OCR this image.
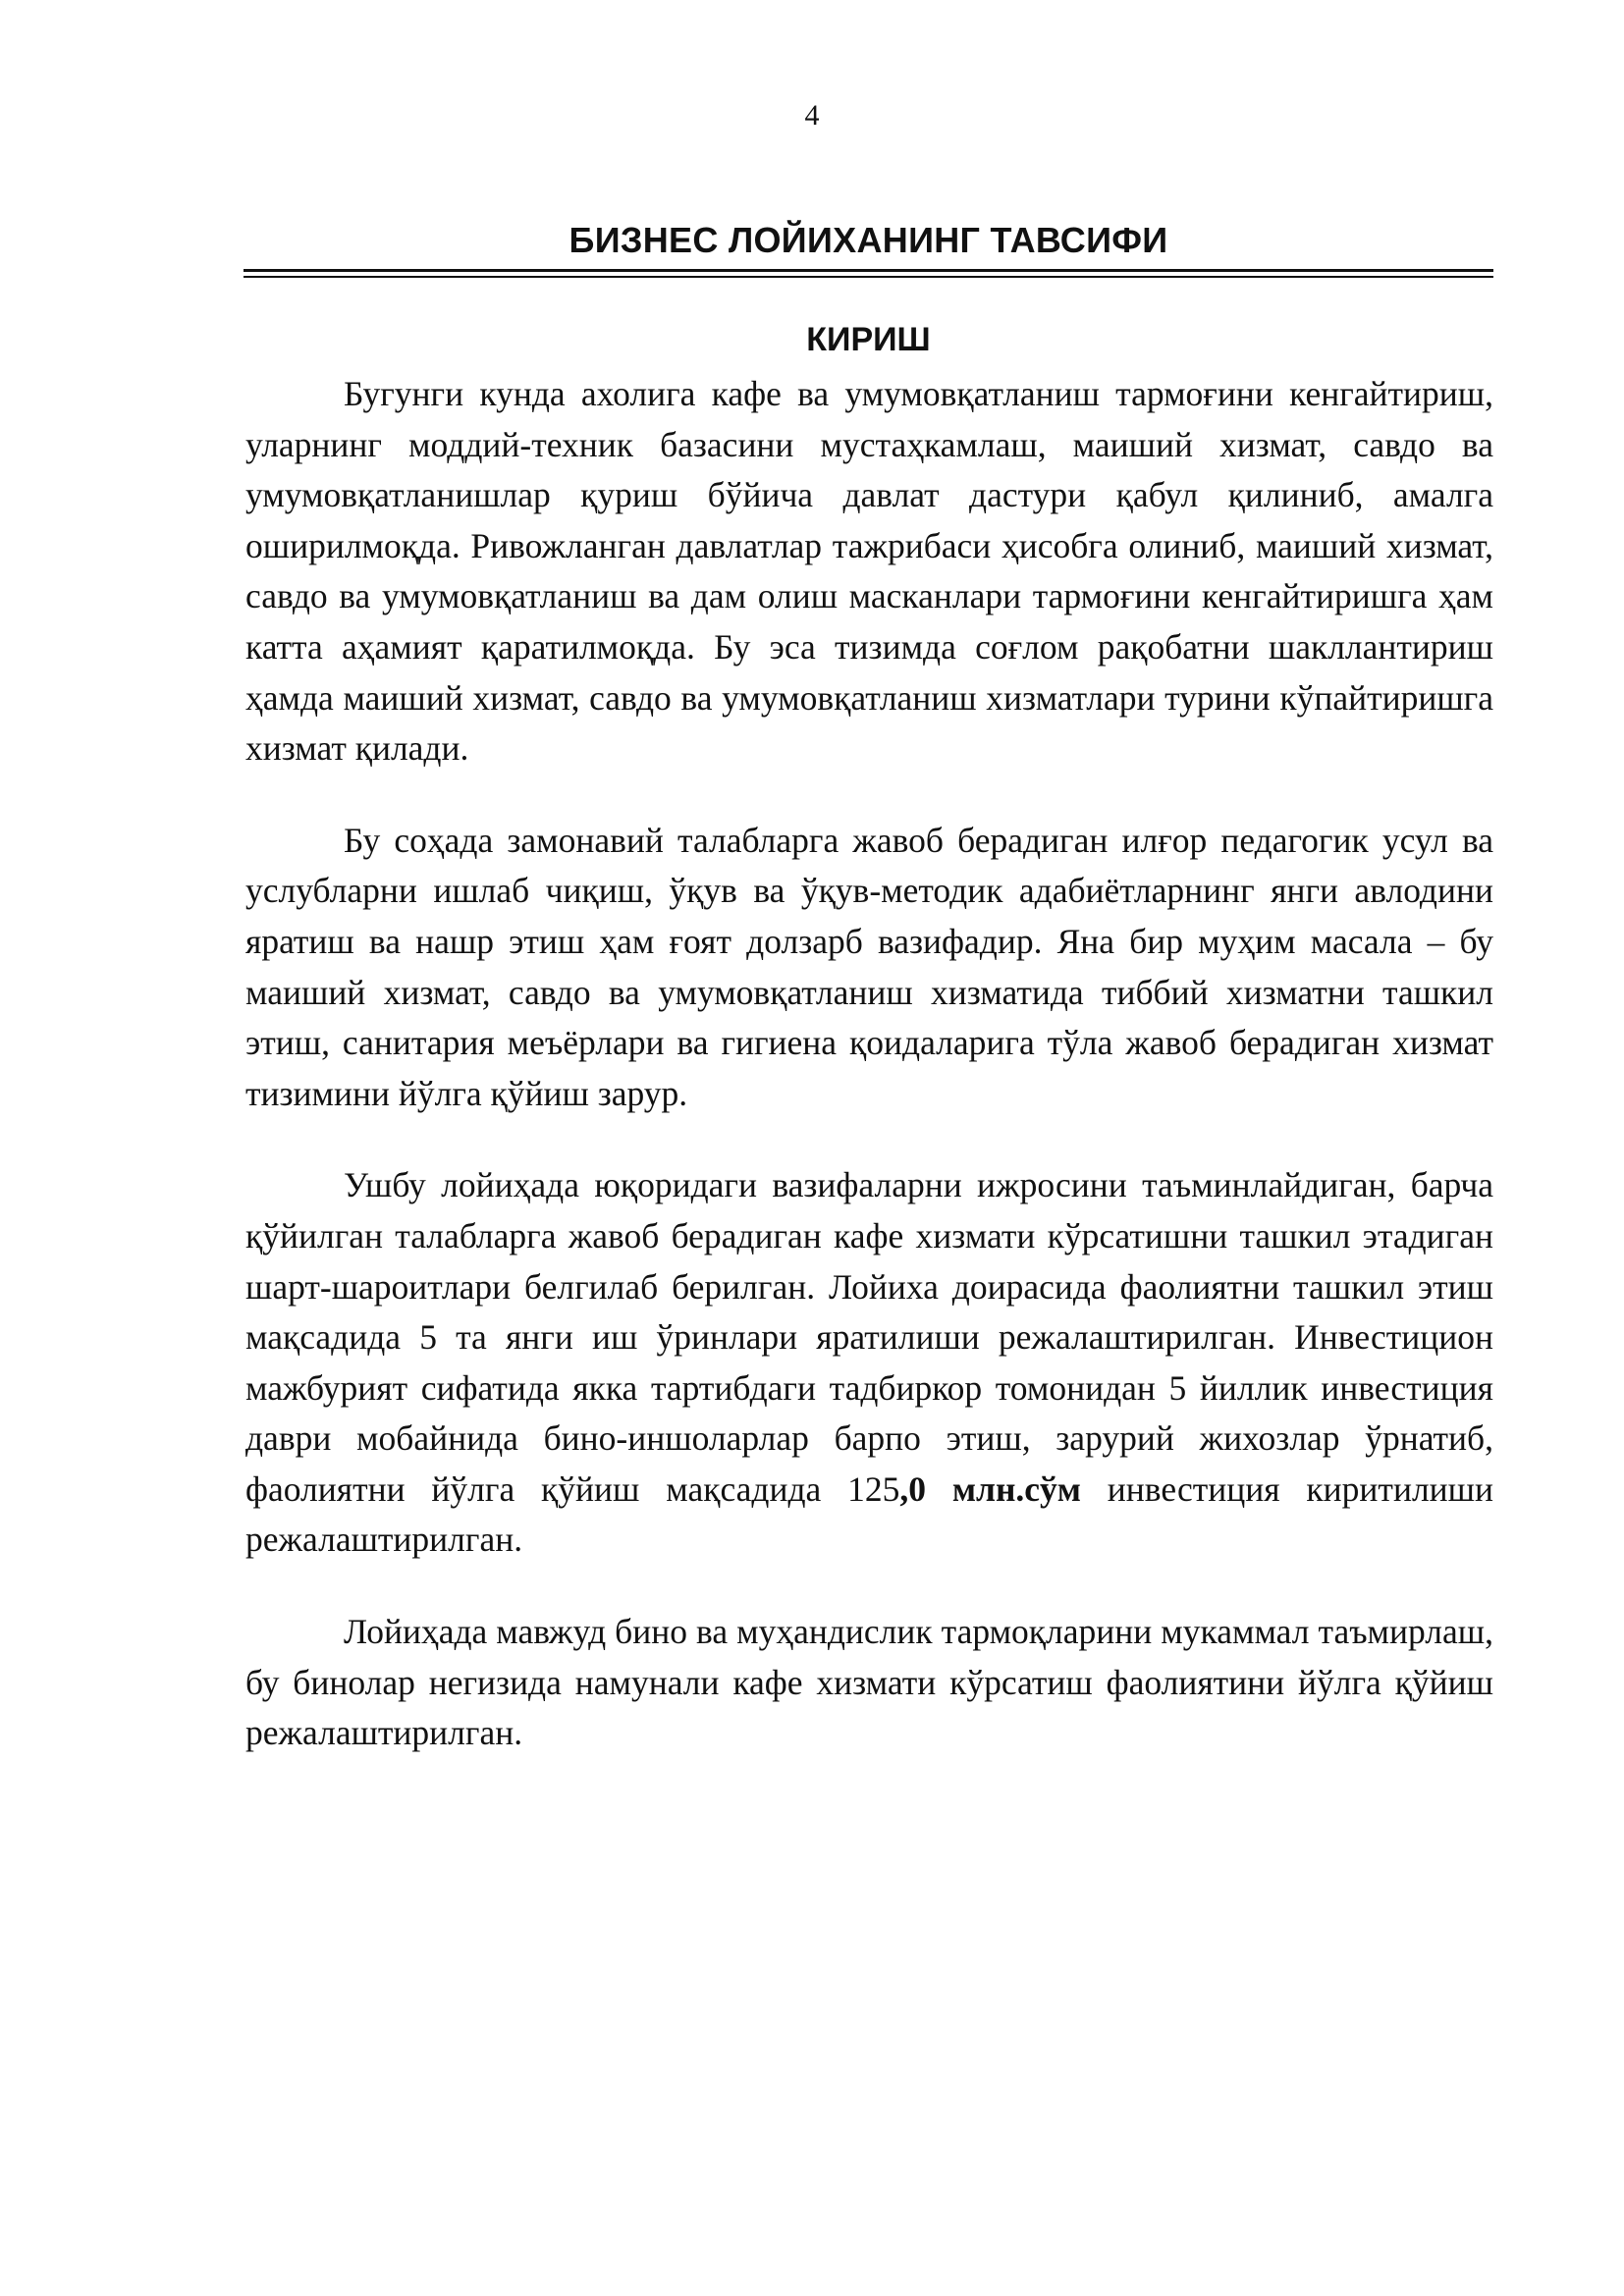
4
БИЗНЕС ЛОЙИХАНИНГ ТАВСИФИ
КИРИШ

Бугунги кунда ахолига кафе ва умумовқатланиш тармоғини кенгайтириш, уларнинг моддий-техник базасини мустаҳкамлаш, маиший хизмат, савдо ва умумовқатланишлар қуриш бўйича давлат дастури қабул қилиниб, амалга оширилмоқда. Ривожланган давлатлар тажрибаси ҳисобга олиниб, маиший хизмат, савдо ва умумовқатланиш ва дам олиш масканлари тармоғини кенгайтиришга ҳам катта аҳамият қаратилмоқда. Бу эса тизимда соғлом рақобатни шакллантириш ҳамда маиший хизмат, савдо ва умумовқатланиш хизматлари турини кўпайтиришга хизмат қилади.

Бу соҳада замонавий талабларга жавоб берадиган илғор педагогик усул ва услубларни ишлаб чиқиш, ўқув ва ўқув-методик адабиётларнинг янги авлодини яратиш ва нашр этиш ҳам ғоят долзарб вазифадир. Яна бир муҳим масала – бу маиший хизмат, савдо ва умумовқатланиш хизматида тиббий хизматни ташкил этиш, санитария меъёрлари ва гигиена қоидаларига тўла жавоб берадиган хизмат тизимини йўлга қўйиш зарур.

Ушбу лойиҳада юқоридаги вазифаларни ижросини таъминлайдиган, барча қўйилган талабларга жавоб берадиган кафе хизмати кўрсатишни ташкил этадиган шарт-шароитлари белгилаб берилган. Лойиха доирасида фаолиятни ташкил этиш мақсадида 5 та янги иш ўринлари яратилиши режалаштирилган. Инвестицион мажбурият сифатида якка тартибдаги тадбиркор томонидан 5 йиллик инвестиция даври мобайнида бино-иншоларлар барпо этиш, зарурий жихозлар ўрнатиб, фаолиятни йўлга қўйиш мақсадида 125,0 млн.сўм инвестиция киритилиши режалаштирилган.

Лойиҳада мавжуд бино ва муҳандислик тармоқларини мукаммал таъмирлаш, бу бинолар негизида намунали кафе хизмати кўрсатиш фаолиятини йўлга қўйиш режалаштирилган.
